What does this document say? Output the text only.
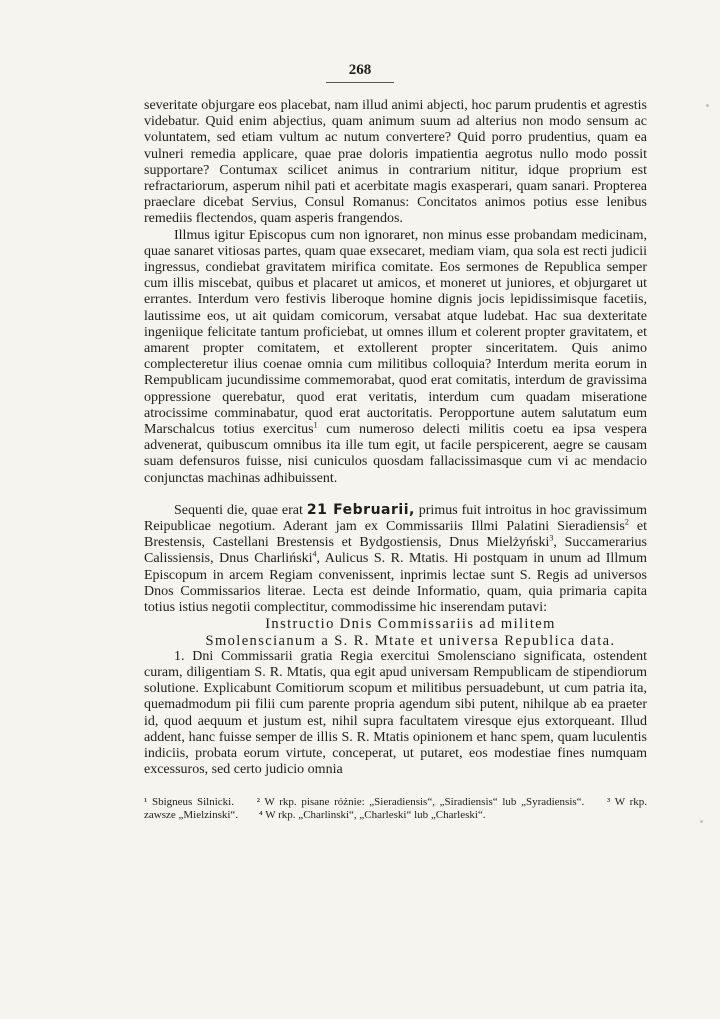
268

severitate objurgare eos placebat, nam illud animi abjecti, hoc parum prudentis et agrestis videbatur. Quid enim abjectius, quam animum suum ad alterius non modo sensum ac voluntatem, sed etiam vultum ac nutum convertere? Quid porro prudentius, quam ea vulneri remedia applicare, quae prae doloris impatientia aegrotus nullo modo possit supportare? Contumax scilicet animus in contrarium nititur, idque proprium est refractariorum, asperum nihil pati et acerbitate magis exasperari, quam sanari. Propterea praeclare dicebat Servius, Consul Romanus: Concitatos animos potius esse lenibus remediis flectendos, quam asperis frangendos.

Illmus igitur Episcopus cum non ignoraret, non minus esse probandam medicinam, quae sanaret vitiosas partes, quam quae exsecaret, mediam viam, qua sola est recti judicii ingressus, condiebat gravitatem mirifica comitate. Eos sermones de Republica semper cum illis miscebat, quibus et placaret ut amicos, et moneret ut juniores, et objurgaret ut errantes. Interdum vero festivis liberoque homine dignis jocis lepidissimisque facetiis, lautissime eos, ut ait quidam comicorum, versabat atque ludebat. Hac sua dexteritate ingeniique felicitate tantum proficiebat, ut omnes illum et colerent propter gravitatem, et amarent propter comitatem, et extollerent propter sinceritatem. Quis animo complecteretur ilius coenae omnia cum militibus colloquia? Interdum merita eorum in Rempublicam jucundissime commemorabat, quod erat comitatis, interdum de gravissima oppressione querebatur, quod erat veritatis, interdum cum quadam miseratione atrocissime comminabatur, quod erat auctoritatis. Peropportune autem salutatum eum Marschalcus totius exercitus$^1$ cum numeroso delecti militis coetu ea ipsa vespera advenerat, quibuscum omnibus ita ille tum egit, ut facile perspicerent, aegre se causam suam defensuros fuisse, nisi cuniculos quosdam fallacissimasque cum vi ac mendacio conjunctas machinas adhibuissent.

Sequenti die, quae erat 21 Februarii, primus fuit introitus in hoc gravissimum Reipublicae negotium. Aderant jam ex Commissariis Illmi Palatini Sieradiensis$^2$ et Brestensis, Castellani Brestensis et Bydgostiensis, Dnus Mielżyński$^3$, Succamerarius Calissiensis, Dnus Charliński$^4$, Aulicus S. R. Mtatis. Hi postquam in unum ad Illmum Episcopum in arcem Regiam convenissent, inprimis lectae sunt S. Regis ad universos Dnos Commissarios literae. Lecta est deinde Informatio, quam, quia primaria capita totius istius negotii complectitur, commodissime hic inserendam putavi:

Instructio Dnis Commissariis ad militem

Smolenscianum a S. R. Mtate et universa Republica data.

1. Dni Commissarii gratia Regia exercitui Smolensciano significata, ostendent curam, diligentiam S. R. Mtatis, qua egit apud universam Rempublicam de stipendiorum solutione. Explicabunt Comitiorum scopum et militibus persuadebunt, ut cum patria ita, quemadmodum pii filii cum parente propria agendum sibi putent, nihilque ab ea praeter id, quod aequum et justum est, nihil supra facultatem viresque ejus extorqueant. Illud addent, hanc fuisse semper de illis S. R. Mtatis opinionem et hanc spem, quam luculentis indiciis, probata eorum virtute, conceperat, ut putaret, eos modestiae fines numquam excessuros, sed certo judicio omnia

¹ Sbigneus Silnicki. ² W rkp. pisane różnie: „Sieradiensis“, „Siradiensis“ lub „Syradiensis“. ³ W rkp. zawsze „Mielzinski“. ⁴ W rkp. „Charlinski“, „Charleski“ lub „Charleski“.
